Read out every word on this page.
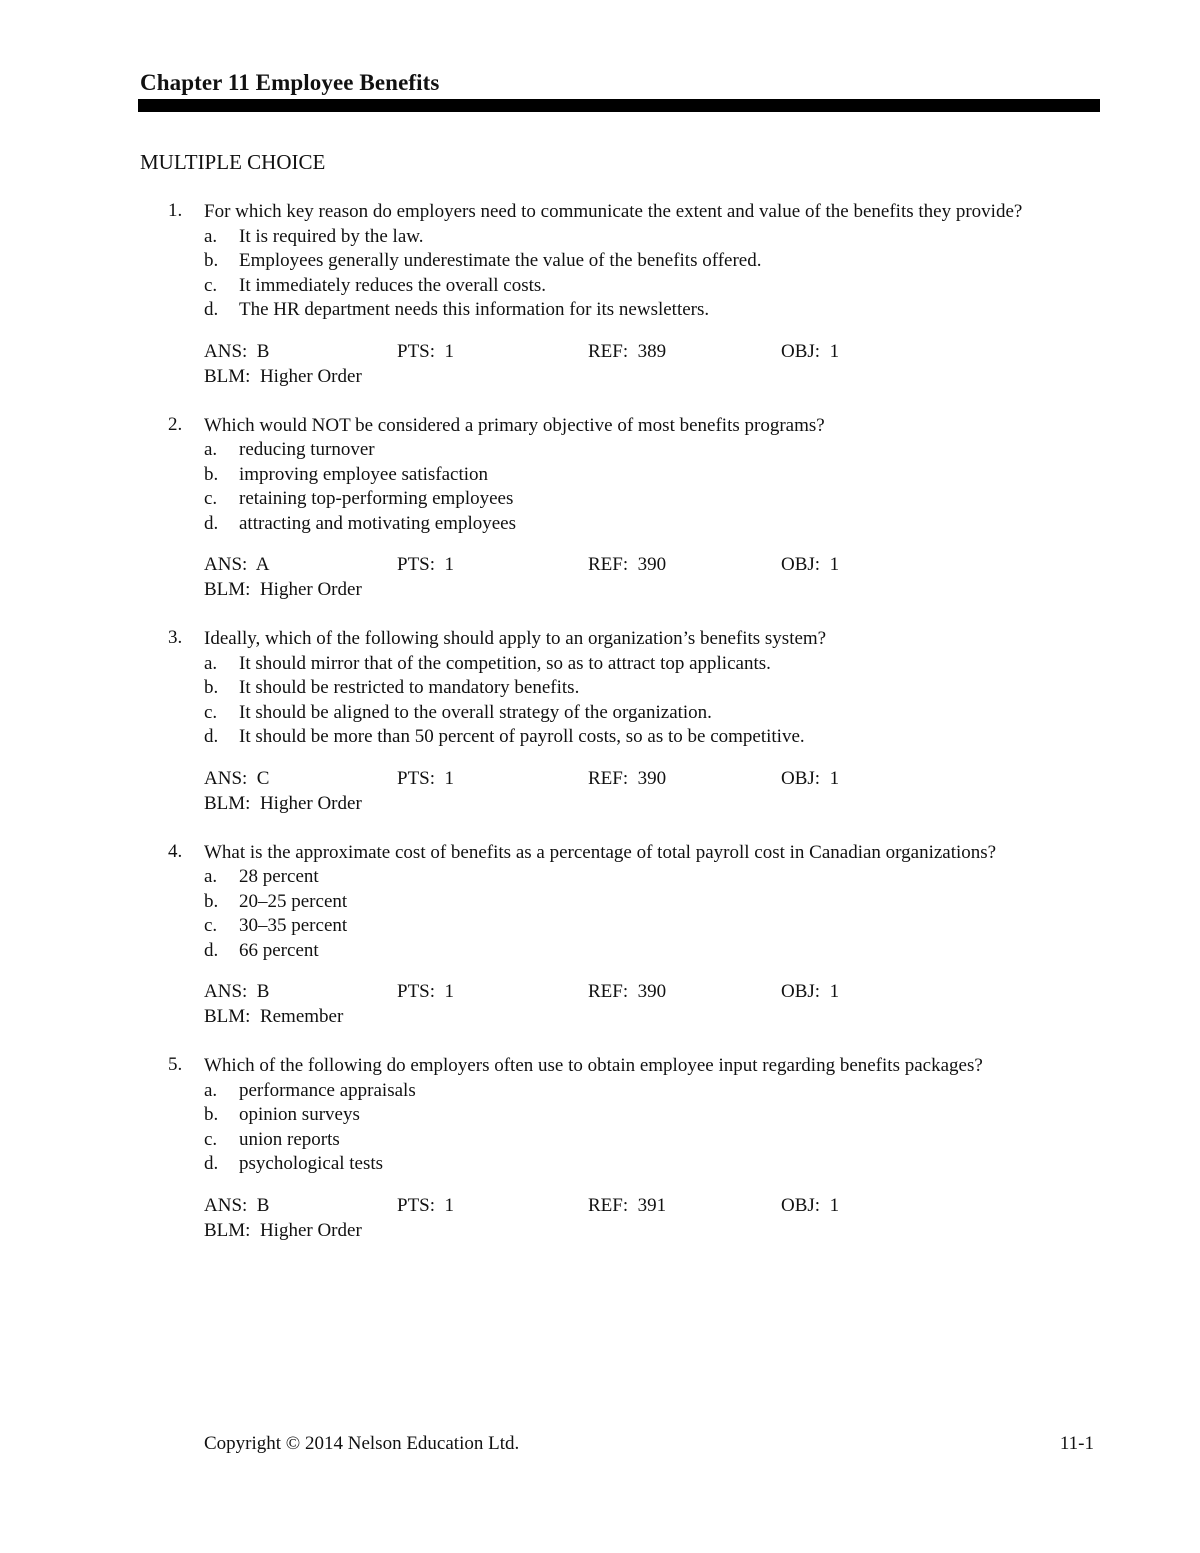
Chapter 11 Employee Benefits
MULTIPLE CHOICE
1. For which key reason do employers need to communicate the extent and value of the benefits they provide?
a. It is required by the law.
b. Employees generally underestimate the value of the benefits offered.
c. It immediately reduces the overall costs.
d. The HR department needs this information for its newsletters.
ANS: B	PTS: 1	REF: 389	OBJ: 1
BLM: Higher Order
2. Which would NOT be considered a primary objective of most benefits programs?
a. reducing turnover
b. improving employee satisfaction
c. retaining top-performing employees
d. attracting and motivating employees
ANS: A	PTS: 1	REF: 390	OBJ: 1
BLM: Higher Order
3. Ideally, which of the following should apply to an organization’s benefits system?
a. It should mirror that of the competition, so as to attract top applicants.
b. It should be restricted to mandatory benefits.
c. It should be aligned to the overall strategy of the organization.
d. It should be more than 50 percent of payroll costs, so as to be competitive.
ANS: C	PTS: 1	REF: 390	OBJ: 1
BLM: Higher Order
4. What is the approximate cost of benefits as a percentage of total payroll cost in Canadian organizations?
a. 28 percent
b. 20–25 percent
c. 30–35 percent
d. 66 percent
ANS: B	PTS: 1	REF: 390	OBJ: 1
BLM: Remember
5. Which of the following do employers often use to obtain employee input regarding benefits packages?
a. performance appraisals
b. opinion surveys
c. union reports
d. psychological tests
ANS: B	PTS: 1	REF: 391	OBJ: 1
BLM: Higher Order
Copyright © 2014 Nelson Education Ltd.	11-1
